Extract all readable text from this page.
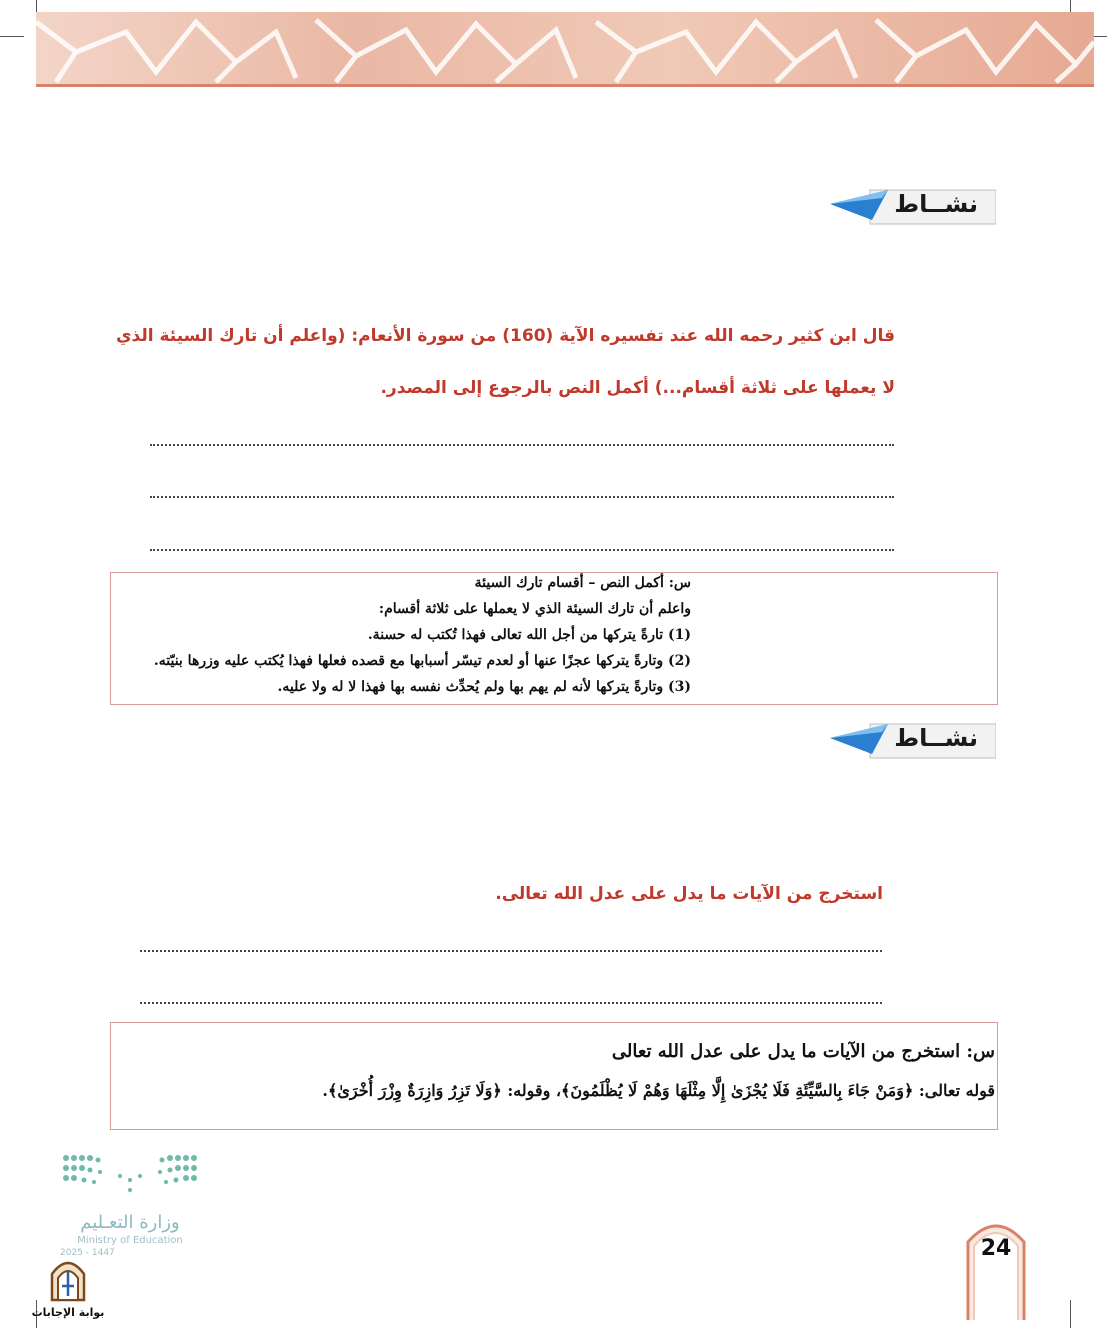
نشــاط
قال ابن كثير رحمه الله عند تفسيره الآية (160) من سورة الأنعام: (واعلم أن تارك السيئة الذي
لا يعملها على ثلاثة أقسام...) أكمل النص بالرجوع إلى المصدر.
س: أكمل النص – أقسام تارك السيئة
واعلم أن تارك السيئة الذي لا يعملها على ثلاثة أقسام:
(1) تارةً يتركها من أجل الله تعالى فهذا تُكتب له حسنة.
(2) وتارةً يتركها عجزًا عنها أو لعدم تيسّر أسبابها مع قصده فعلها فهذا يُكتب عليه وزرها بنيّته.
(3) وتارةً يتركها لأنه لم يهم بها ولم يُحدِّث نفسه بها فهذا لا له ولا عليه.
نشــاط
استخرج من الآيات ما يدل على عدل الله تعالى.
س: استخرج من الآيات ما يدل على عدل الله تعالى
قوله تعالى: ﴿وَمَنْ جَاءَ بِالسَّيِّئَةِ فَلَا يُجْزَىٰ إِلَّا مِثْلَهَا وَهُمْ لَا يُظْلَمُونَ﴾، وقوله: ﴿وَلَا تَزِرُ وَازِرَةٌ وِزْرَ أُخْرَىٰ﴾.
وزارة التعـليم
Ministry of Education
2025 - 1447
بوابة الإجابات
24
